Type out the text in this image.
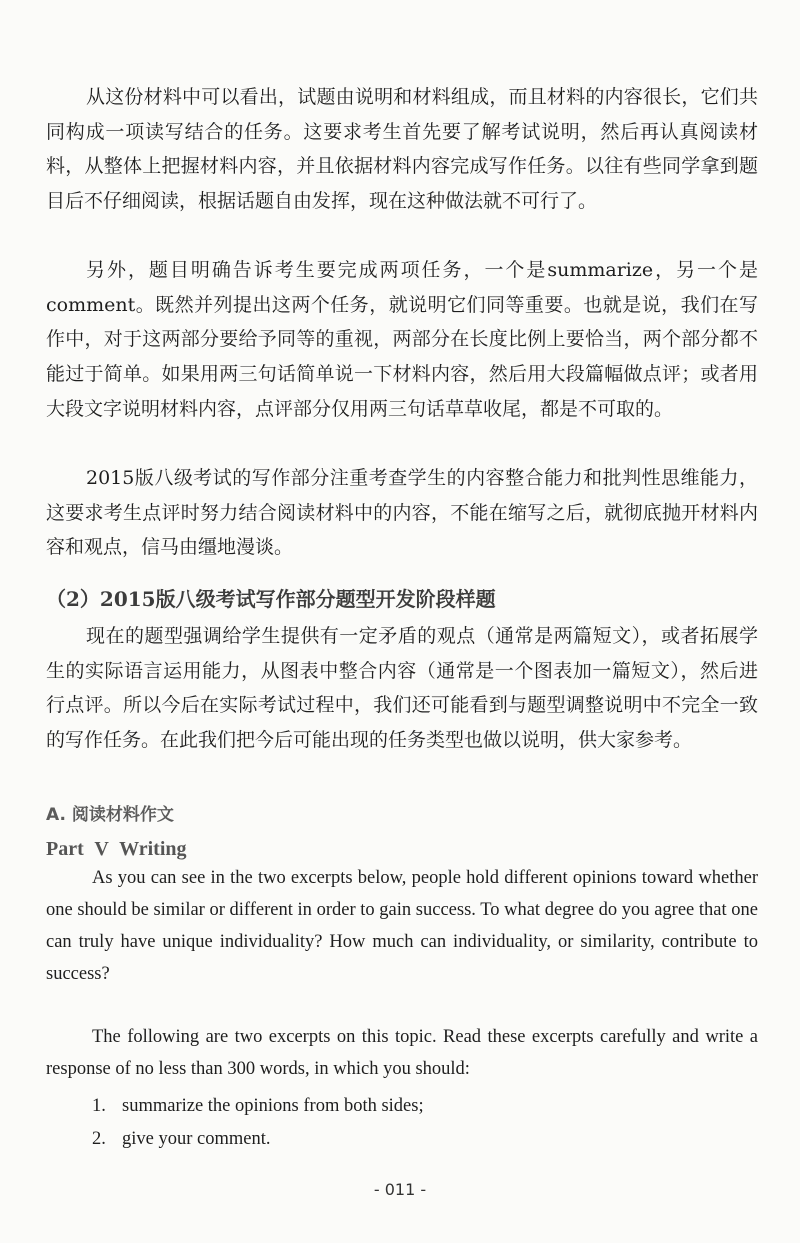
从这份材料中可以看出，试题由说明和材料组成，而且材料的内容很长，它们共同构成一项读写结合的任务。这要求考生首先要了解考试说明，然后再认真阅读材料，从整体上把握材料内容，并且依据材料内容完成写作任务。以往有些同学拿到题目后不仔细阅读，根据话题自由发挥，现在这种做法就不可行了。

另外，题目明确告诉考生要完成两项任务，一个是summarize，另一个是comment。既然并列提出这两个任务，就说明它们同等重要。也就是说，我们在写作中，对于这两部分要给予同等的重视，两部分在长度比例上要恰当，两个部分都不能过于简单。如果用两三句话简单说一下材料内容，然后用大段篇幅做点评；或者用大段文字说明材料内容，点评部分仅用两三句话草草收尾，都是不可取的。

2015版八级考试的写作部分注重考查学生的内容整合能力和批判性思维能力，这要求考生点评时努力结合阅读材料中的内容，不能在缩写之后，就彻底抛开材料内容和观点，信马由缰地漫谈。

（2）2015版八级考试写作部分题型开发阶段样题

现在的题型强调给学生提供有一定矛盾的观点（通常是两篇短文），或者拓展学生的实际语言运用能力，从图表中整合内容（通常是一个图表加一篇短文），然后进行点评。所以今后在实际考试过程中，我们还可能看到与题型调整说明中不完全一致的写作任务。在此我们把今后可能出现的任务类型也做以说明，供大家参考。

A. 阅读材料作文
Part V Writing

As you can see in the two excerpts below, people hold different opinions toward whether one should be similar or different in order to gain success. To what degree do you agree that one can truly have unique individuality? How much can individuality, or similarity, contribute to success?

The following are two excerpts on this topic. Read these excerpts carefully and write a response of no less than 300 words, in which you should:

1. summarize the opinions from both sides;
2. give your comment.
- 011 -
